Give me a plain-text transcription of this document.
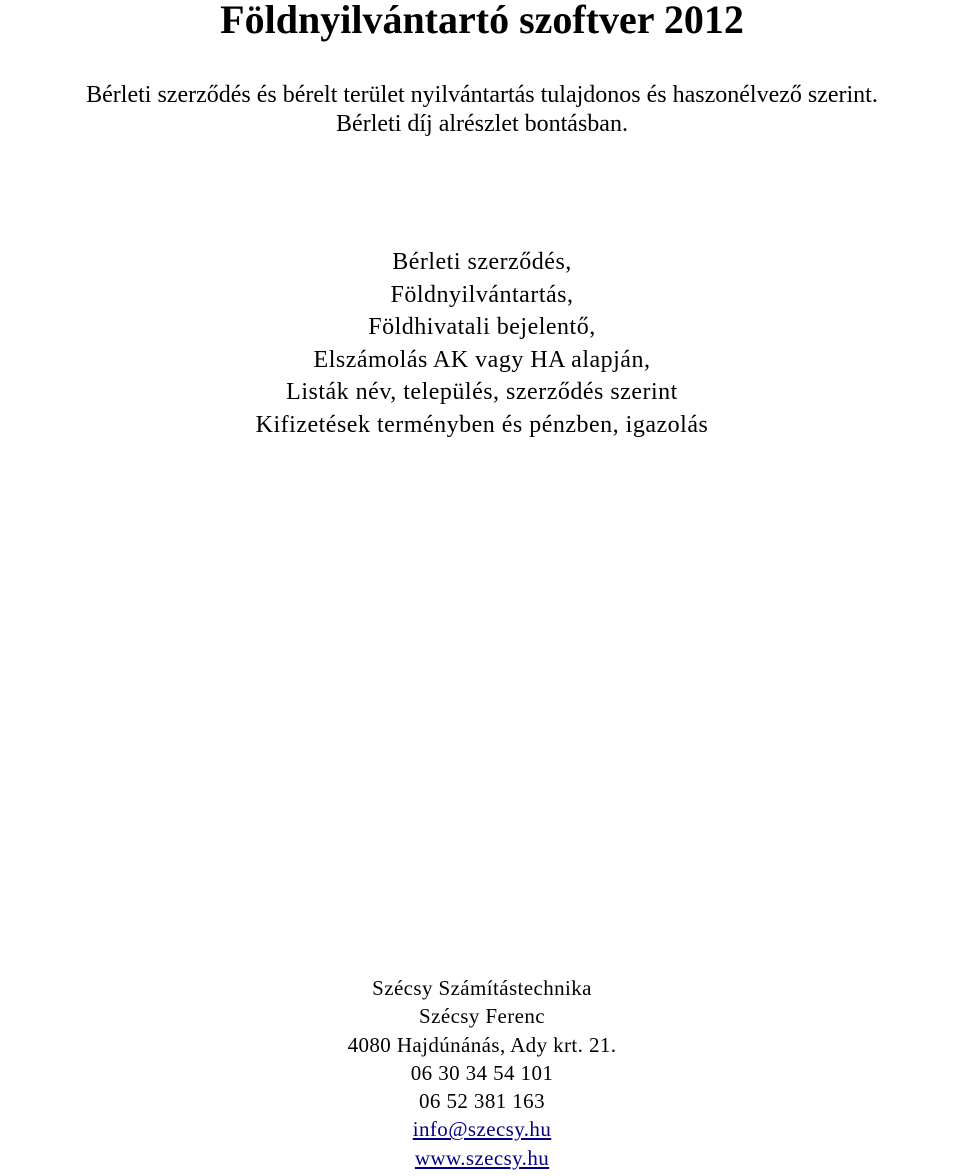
Földnyilvántartó szoftver 2012
Bérleti szerződés és bérelt terület nyilvántartás tulajdonos és haszonélvező szerint.
Bérleti díj alrészlet bontásban.
Bérleti szerződés,
Földnyilvántartás,
Földhivatali bejelentő,
Elszámolás AK vagy HA alapján,
Listák név, település, szerződés szerint
Kifizetések terményben és pénzben, igazolás
Szécsy Számítástechnika
Szécsy Ferenc
4080 Hajdúnánás, Ady krt. 21.
06 30 34 54 101
06 52 381 163
info@szecsy.hu
www.szecsy.hu
